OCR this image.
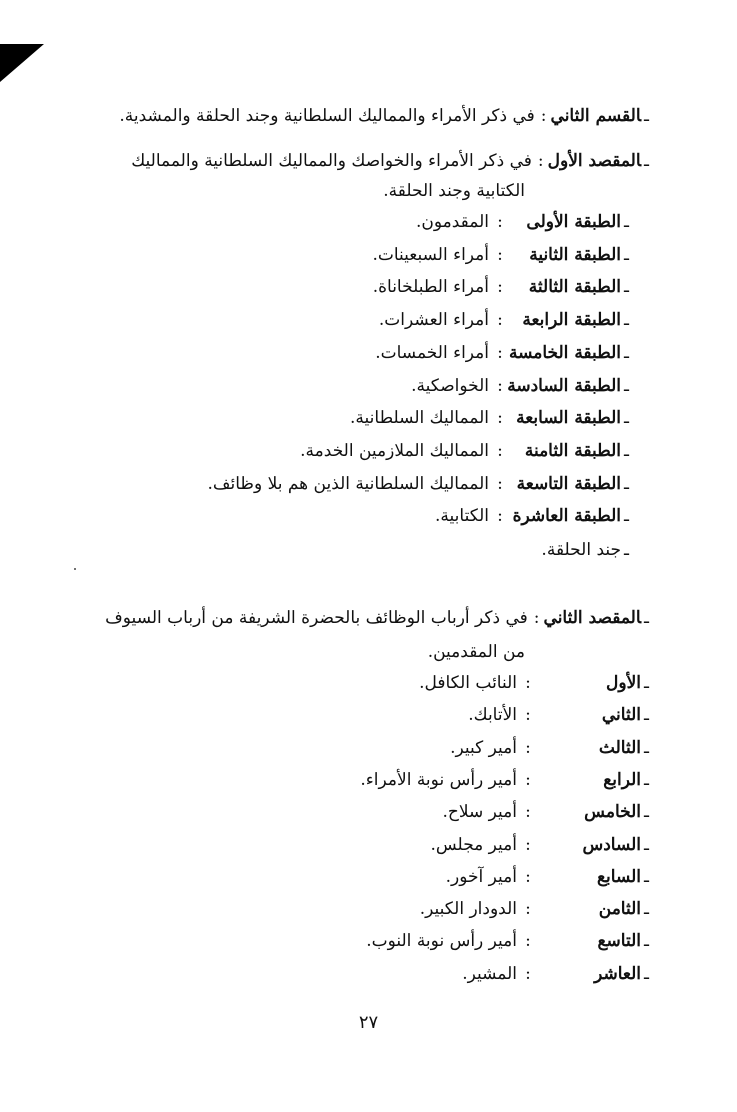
ـالقسم الثاني:في ذكر الأمراء والمماليك السلطانية وجند الحلقة والمشدية.
ـالمقصد الأول:في ذكر الأمراء والخواصك والمماليك السلطانية والمماليك
الكتابية وجند الحلقة.
ـ
الطبقة الأولى
:
المقدمون.
ـ
الطبقة الثانية
:
أمراء السبعينات.
ـ
الطبقة الثالثة
:
أمراء الطبلخاناة.
ـ
الطبقة الرابعة
:
أمراء العشرات.
ـ
الطبقة الخامسة
:
أمراء الخمسات.
ـ
الطبقة السادسة
:
الخواصكية.
ـ
الطبقة السابعة
:
المماليك السلطانية.
ـ
الطبقة الثامنة
:
المماليك الملازمين الخدمة.
ـ
الطبقة التاسعة
:
المماليك السلطانية الذين هم بلا وظائف.
ـ
الطبقة العاشرة
:
الكتابية.
ـ
جند الحلقة.
ـالمقصد الثاني:في ذكر أرباب الوظائف بالحضرة الشريفة من أرباب السيوف
من المقدمين.
ـ
الأول
:
النائب الكافل.
ـ
الثاني
:
الأتابك.
ـ
الثالث
:
أمير كبير.
ـ
الرابع
:
أمير رأس نوبة الأمراء.
ـ
الخامس
:
أمير سلاح.
ـ
السادس
:
أمير مجلس.
ـ
السابع
:
أمير آخور.
ـ
الثامن
:
الدودار الكبير.
ـ
التاسع
:
أمير رأس نوبة النوب.
ـ
العاشر
:
المشير.
٢٧
